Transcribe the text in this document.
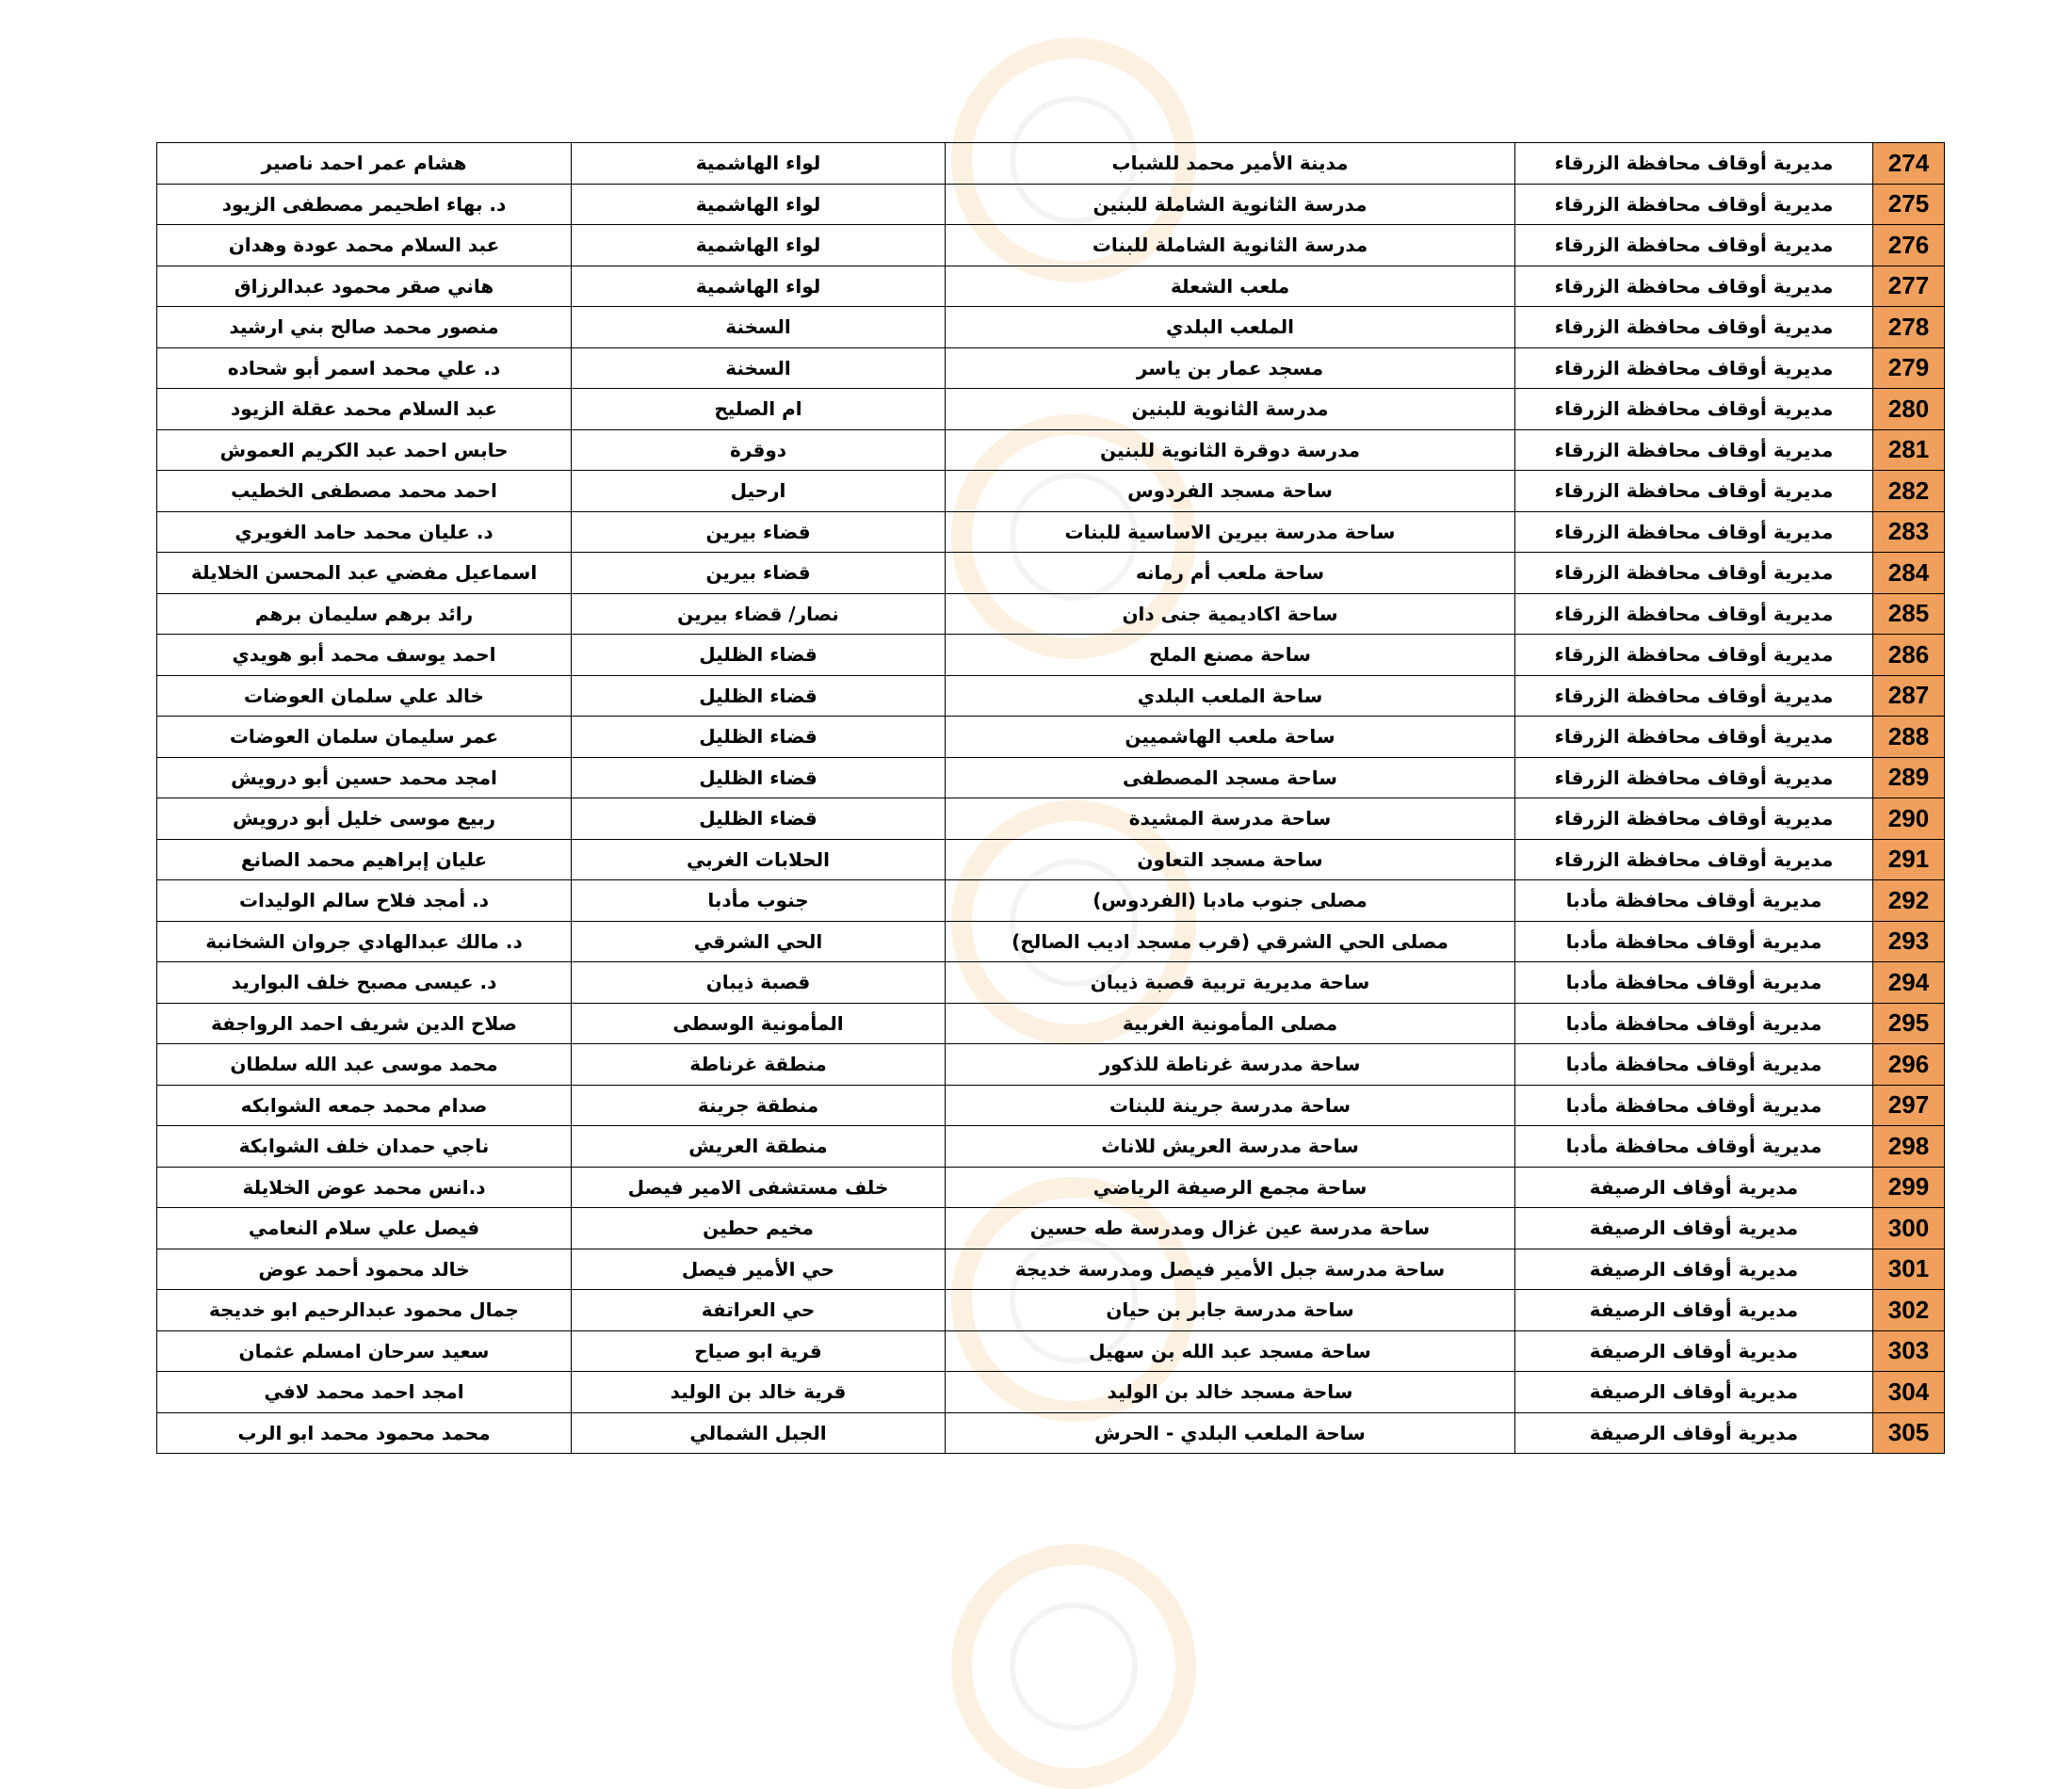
274	مديرية أوقاف محافظة الزرقاء	مدينة الأمير محمد للشباب	لواء الهاشمية	هشام عمر احمد ناصير
275	مديرية أوقاف محافظة الزرقاء	مدرسة الثانوية الشاملة للبنين	لواء الهاشمية	د. بهاء اطحيمر مصطفى الزيود
276	مديرية أوقاف محافظة الزرقاء	مدرسة الثانوية الشاملة للبنات	لواء الهاشمية	عبد السلام محمد عودة وهدان
277	مديرية أوقاف محافظة الزرقاء	ملعب الشعلة	لواء الهاشمية	هاني صقر محمود عبدالرزاق
278	مديرية أوقاف محافظة الزرقاء	الملعب البلدي	السخنة	منصور محمد صالح بني ارشيد
279	مديرية أوقاف محافظة الزرقاء	مسجد عمار بن ياسر	السخنة	د. علي محمد اسمر أبو شحاده
280	مديرية أوقاف محافظة الزرقاء	مدرسة الثانوية للبنين	ام الصليح	عبد السلام محمد عقلة الزيود
281	مديرية أوقاف محافظة الزرقاء	مدرسة دوقرة الثانوية للبنين	دوقرة	حابس احمد عبد الكريم العموش
282	مديرية أوقاف محافظة الزرقاء	ساحة مسجد الفردوس	ارحيل	احمد محمد مصطفى الخطيب
283	مديرية أوقاف محافظة الزرقاء	ساحة مدرسة بيرين الاساسية للبنات	قضاء بيرين	د. عليان محمد حامد الغويري
284	مديرية أوقاف محافظة الزرقاء	ساحة ملعب أم رمانه	قضاء بيرين	اسماعيل مفضي عبد المحسن الخلايلة
285	مديرية أوقاف محافظة الزرقاء	ساحة اكاديمية جنى دان	نصار/ قضاء بيرين	رائد برهم سليمان برهم
286	مديرية أوقاف محافظة الزرقاء	ساحة مصنع الملح	قضاء الظليل	احمد يوسف محمد أبو هويدي
287	مديرية أوقاف محافظة الزرقاء	ساحة الملعب البلدي	قضاء الظليل	خالد علي سلمان العوضات
288	مديرية أوقاف محافظة الزرقاء	ساحة ملعب الهاشميين	قضاء الظليل	عمر سليمان سلمان العوضات
289	مديرية أوقاف محافظة الزرقاء	ساحة مسجد المصطفى	قضاء الظليل	امجد محمد حسين أبو درويش
290	مديرية أوقاف محافظة الزرقاء	ساحة مدرسة المشيدة	قضاء الظليل	ربيع موسى خليل أبو درويش
291	مديرية أوقاف محافظة الزرقاء	ساحة مسجد التعاون	الحلابات الغربي	عليان إبراهيم محمد الصانع
292	مديرية أوقاف محافظة مأدبا	مصلى جنوب مادبا (الفردوس)	جنوب مأدبا	د. أمجد فلاح سالم الوليدات
293	مديرية أوقاف محافظة مأدبا	مصلى الحي الشرقي (قرب مسجد اديب الصالح)	الحي الشرقي	د. مالك عبدالهادي جروان الشخانبة
294	مديرية أوقاف محافظة مأدبا	ساحة مديرية تربية قصبة ذيبان	قصبة ذيبان	د. عيسى مصبح خلف البواريد
295	مديرية أوقاف محافظة مأدبا	مصلى المأمونية الغربية	المأمونية الوسطى	صلاح الدين شريف احمد الرواجفة
296	مديرية أوقاف محافظة مأدبا	ساحة مدرسة غرناطة للذكور	منطقة غرناطة	محمد موسى عبد الله سلطان
297	مديرية أوقاف محافظة مأدبا	ساحة مدرسة جرينة للبنات	منطقة جرينة	صدام محمد جمعه الشوابكه
298	مديرية أوقاف محافظة مأدبا	ساحة مدرسة العريش للاناث	منطقة العريش	ناجي حمدان خلف الشوابكة
299	مديرية أوقاف الرصيفة	ساحة مجمع الرصيفة الرياضي	خلف مستشفى الامير فيصل	د.انس محمد عوض الخلايلة
300	مديرية أوقاف الرصيفة	ساحة مدرسة عين غزال ومدرسة طه حسين	مخيم حطين	فيصل علي سلام النعامي
301	مديرية أوقاف الرصيفة	ساحة مدرسة جبل الأمير فيصل ومدرسة خديجة	حي الأمير فيصل	خالد محمود أحمد عوض
302	مديرية أوقاف الرصيفة	ساحة مدرسة جابر بن حيان	حي العراتفة	جمال محمود عبدالرحيم ابو خديجة
303	مديرية أوقاف الرصيفة	ساحة مسجد عبد الله بن سهيل	قرية ابو صياح	سعيد سرحان امسلم عثمان
304	مديرية أوقاف الرصيفة	ساحة مسجد خالد بن الوليد	قرية خالد بن الوليد	امجد احمد محمد لافي
305	مديرية أوقاف الرصيفة	ساحة الملعب البلدي - الحرش	الجبل الشمالي	محمد محمود محمد ابو الرب
